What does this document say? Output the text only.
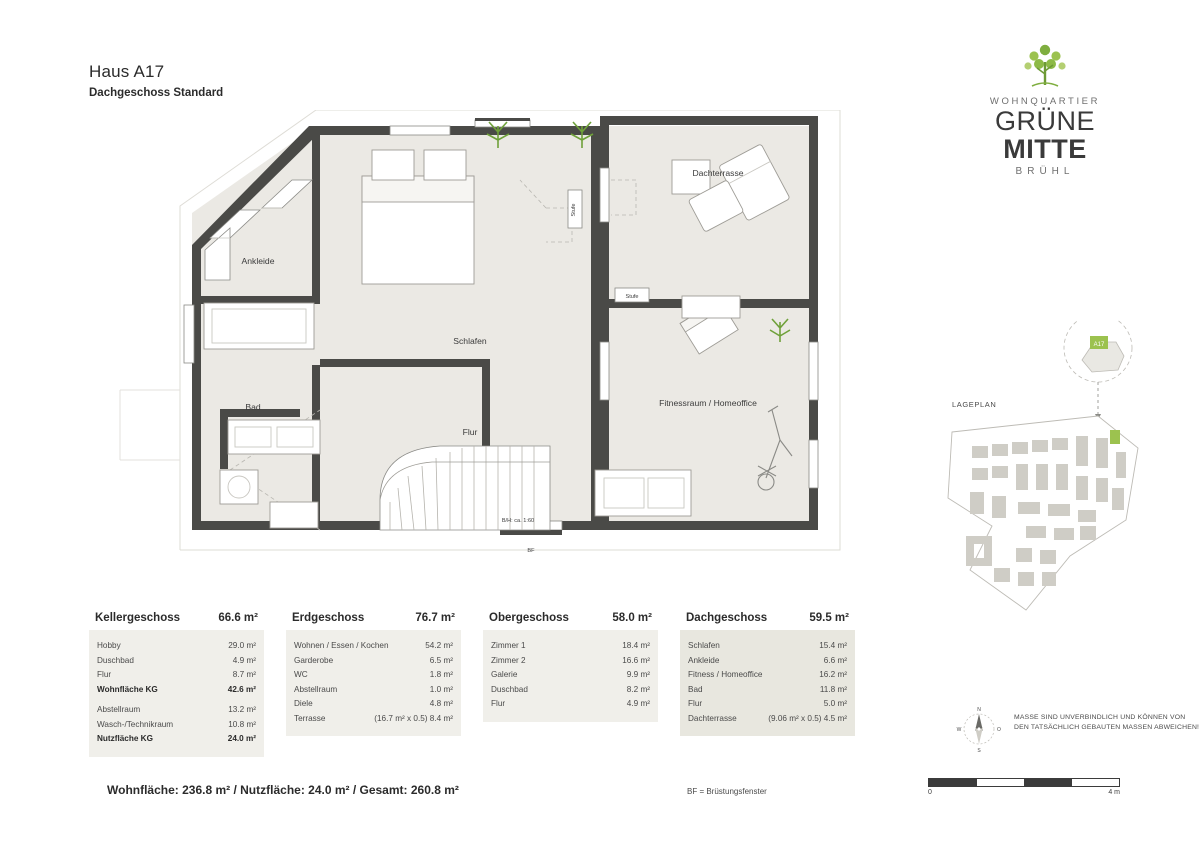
Haus A17
Dachgeschoss Standard
WOHNQUARTIER
GRÜNE MITTE
BRÜHL
Stufe
Stufe
Ankleide
Schlafen
Bad
Flur
Dachterrasse
Fitnessraum / Homeoffice
B/H: ca. 1:60
BF
LAGEPLAN
A17
N
O
S
W
MASSE SIND UNVERBINDLICH UND KÖNNEN VON DEN TATSÄCHLICH GEBAUTEN MASSEN ABWEICHEN!
0	4 m
Kellergeschoss	66.6 m²
Hobby	29.0 m²
Duschbad	4.9 m²
Flur	8.7 m²
Wohnfläche KG	42.6 m²
Abstellraum	13.2 m²
Wasch-/Technikraum	10.8 m²
Nutzfläche KG	24.0 m²
Erdgeschoss	76.7 m²
Wohnen / Essen / Kochen	54.2 m²
Garderobe	6.5 m²
WC	1.8 m²
Abstellraum	1.0 m²
Diele	4.8 m²
Terrasse	(16.7 m² x 0.5) 8.4 m²
Obergeschoss	58.0 m²
Zimmer 1	18.4 m²
Zimmer 2	16.6 m²
Galerie	9.9 m²
Duschbad	8.2 m²
Flur	4.9 m²
Dachgeschoss	59.5 m²
Schlafen	15.4 m²
Ankleide	6.6 m²
Fitness / Homeoffice	16.2 m²
Bad	11.8 m²
Flur	5.0 m²
Dachterrasse	(9.06 m² x 0.5) 4.5 m²
Wohnfläche: 236.8 m² / Nutzfläche: 24.0 m² / Gesamt: 260.8 m²	BF = Brüstungsfenster
